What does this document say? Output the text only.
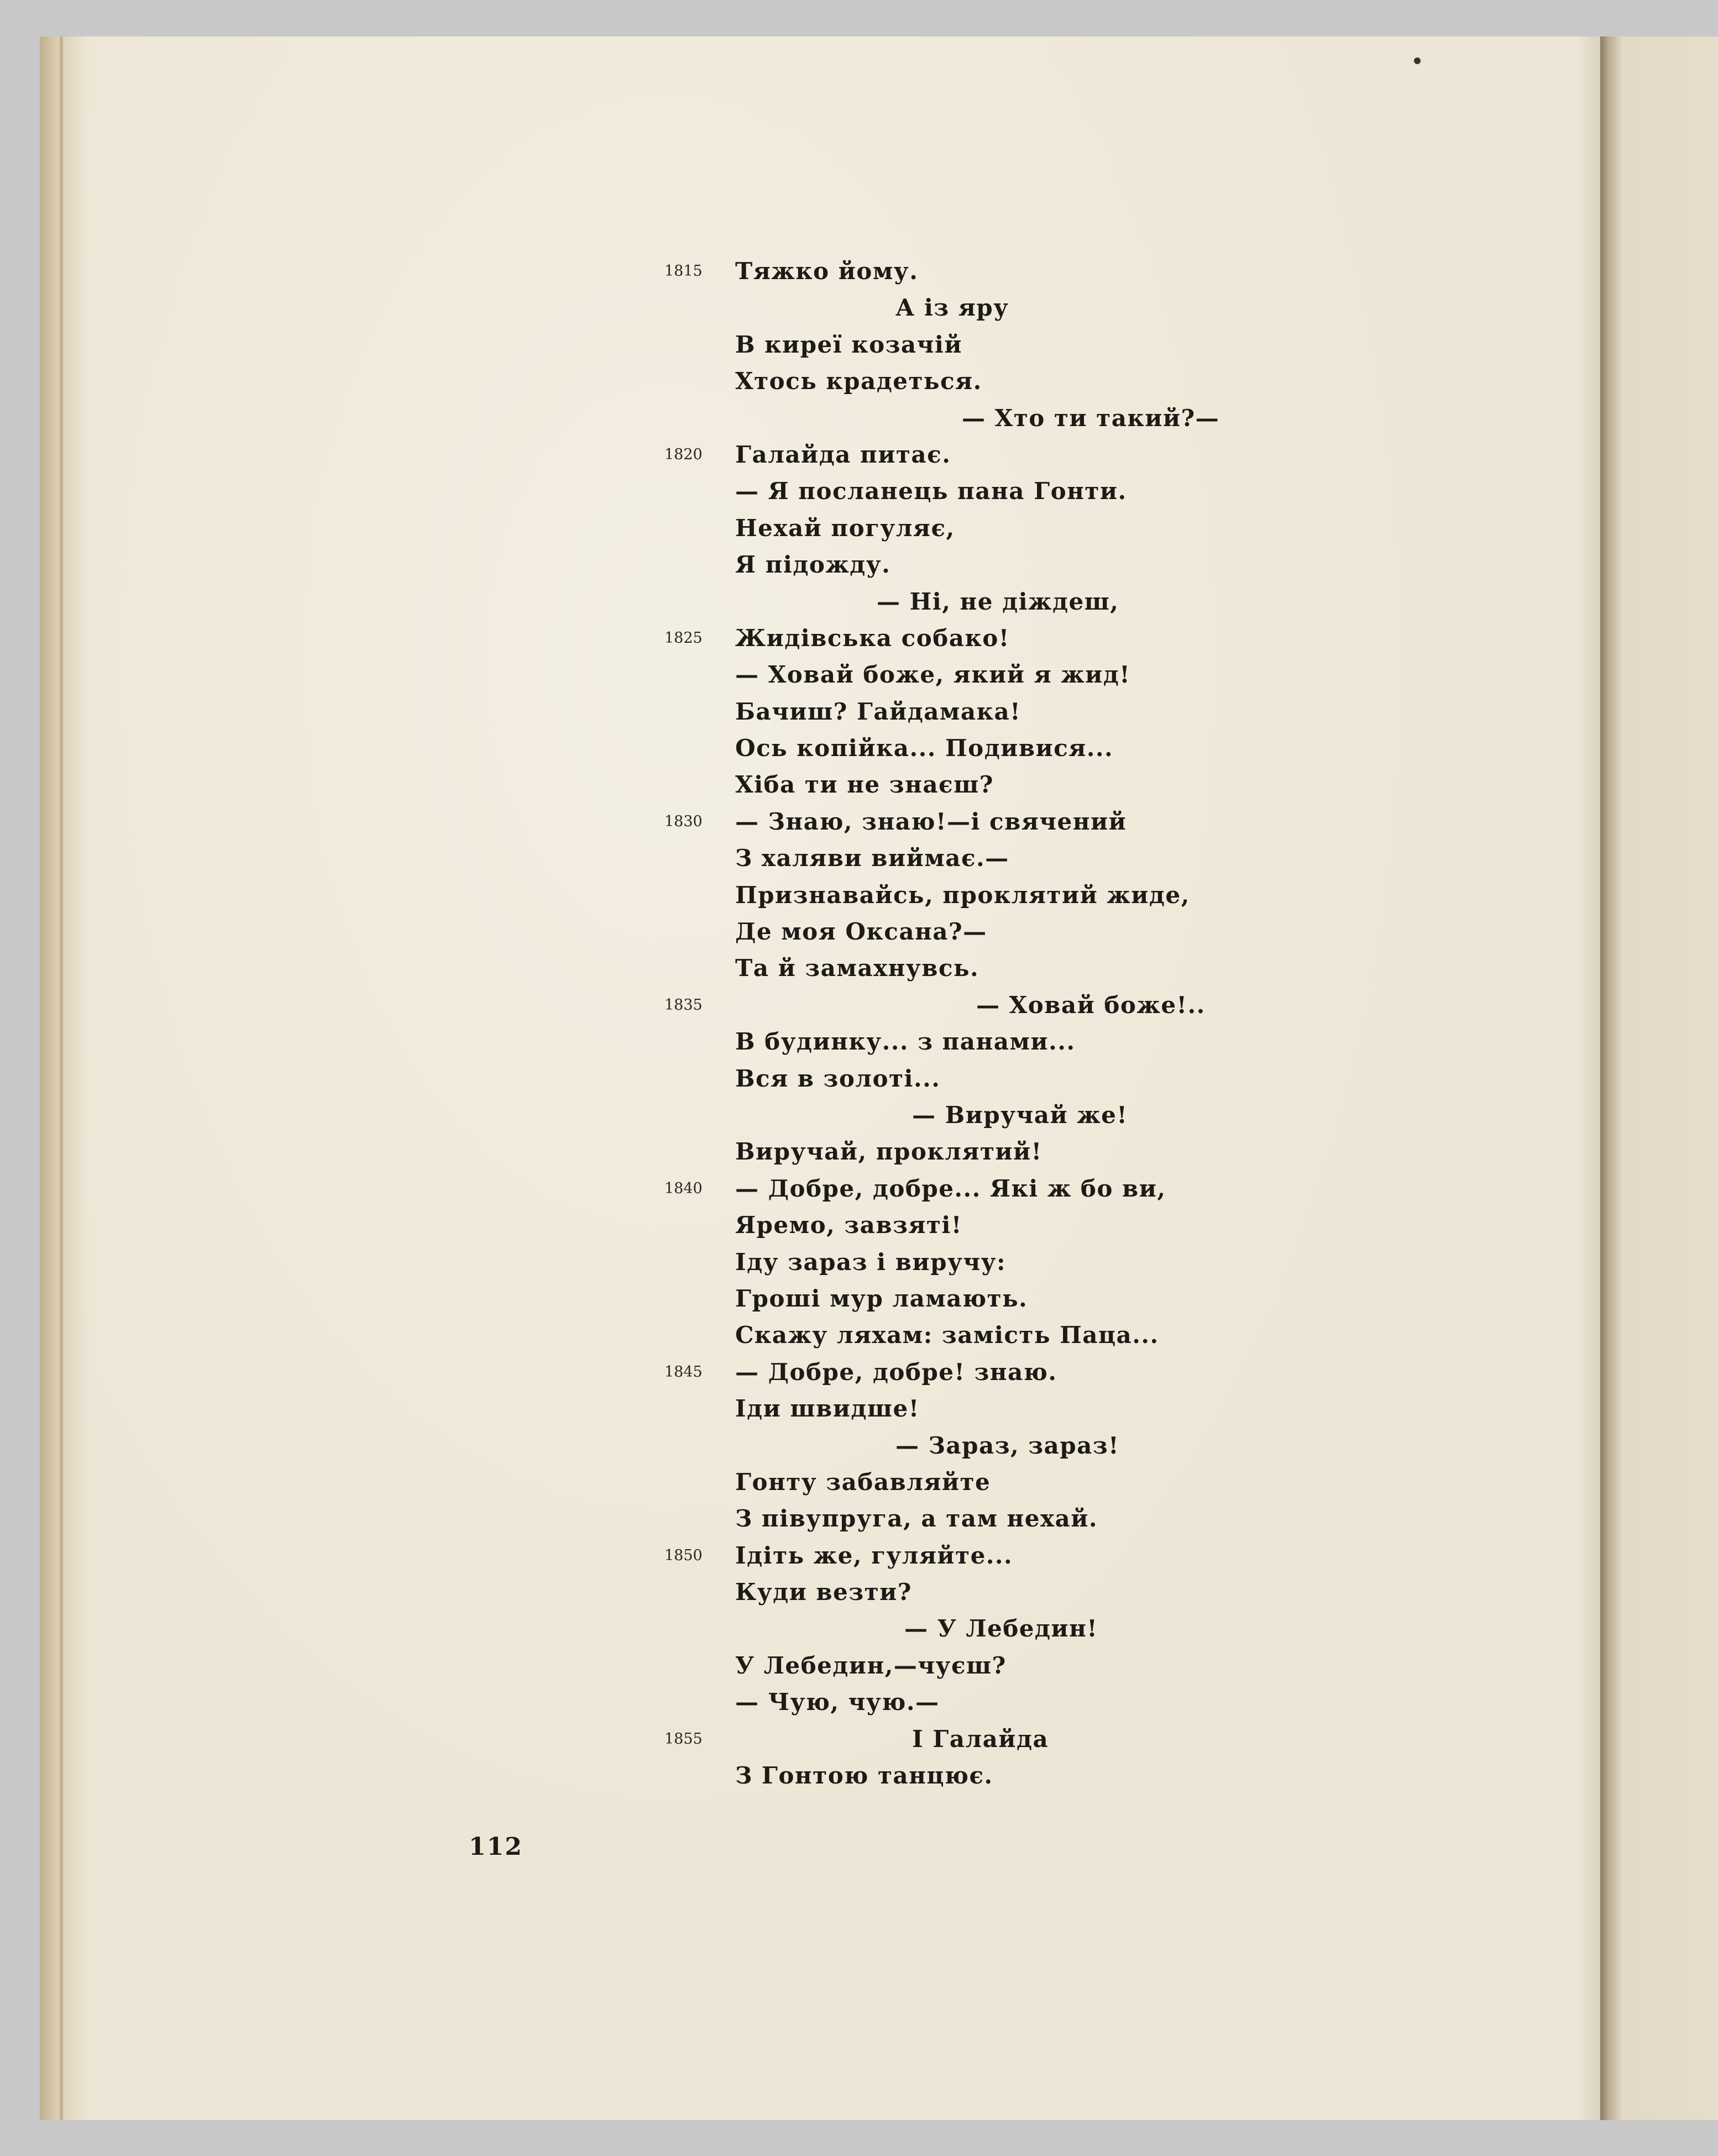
1815	Тяжко йому.
А із яру
В киреї козачій
Хтось крадеться.
— Хто ти такий?—
1820	Галайда питає.
— Я посланець пана Гонти.
Нехай погуляє,
Я підожду.
— Ні, не діждеш,
1825	Жидівська собако!
— Ховай боже, який я жид!
Бачиш? Гайдамака!
Ось копійка... Подивися...
Хіба ти не знаєш?
1830	— Знаю, знаю!—і свячений
З халяви виймає.—
Признавайсь, проклятий жиде,
Де моя Оксана?—
Та й замахнувсь.
1835	— Ховай боже!..
В будинку... з панами...
Вся в золоті...
— Виручай же!
Виручай, проклятий!
1840	— Добре, добре... Які ж бо ви,
Яремо, завзяті!
Іду зараз і виручу:
Гроші мур ламають.
Скажу ляхам: замість Паца...
1845	— Добре, добре! знаю.
Іди швидше!
— Зараз, зараз!
Гонту забавляйте
З півупруга, а там нехай.
1850	Ідіть же, гуляйте...
Куди везти?
— У Лебедин!
У Лебедин,—чуєш?
— Чую, чую.—
1855	І Галайда
З Гонтою танцює.
112
